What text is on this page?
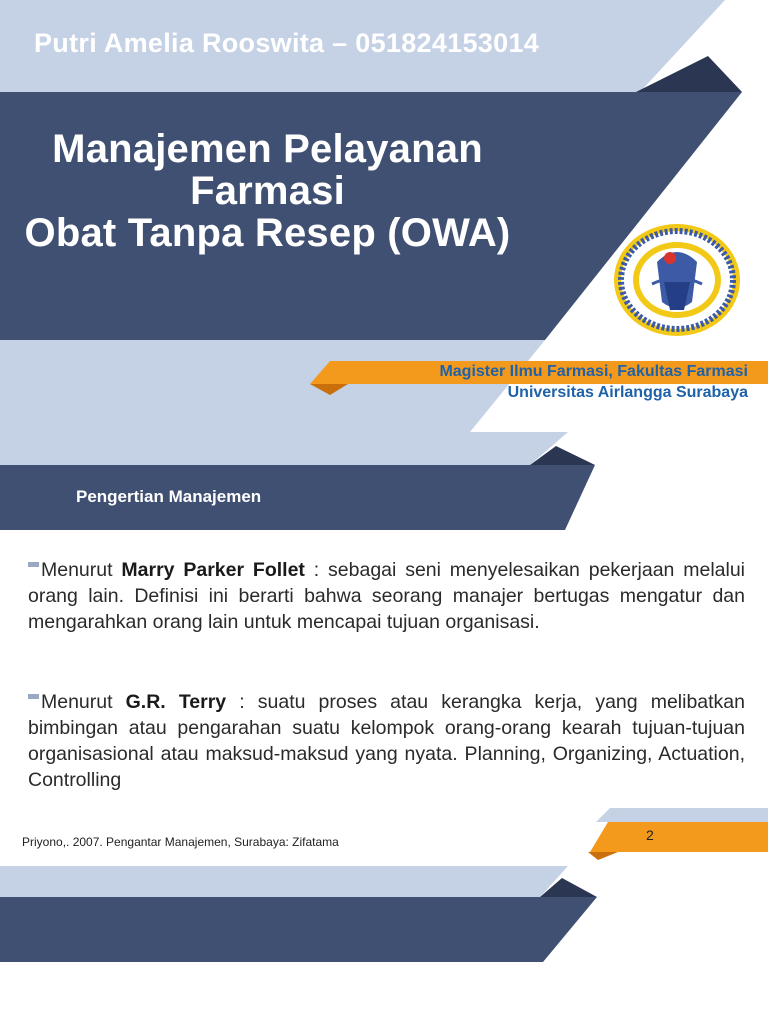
Putri Amelia Rooswita – 051824153014
Manajemen Pelayanan
Farmasi
Obat Tanpa Resep (OWA)
Magister Ilmu Farmasi, Fakultas Farmasi
Universitas Airlangga Surabaya
Pengertian Manajemen
Menurut Marry Parker Follet : sebagai seni menyelesaikan pekerjaan melalui orang lain. Definisi ini berarti bahwa seorang manajer bertugas mengatur dan mengarahkan orang lain untuk mencapai tujuan organisasi.
Menurut G.R. Terry : suatu proses atau kerangka kerja, yang melibatkan bimbingan atau pengarahan suatu kelompok orang-orang kearah tujuan-tujuan organisasional atau maksud-maksud yang nyata. Planning, Organizing, Actuation, Controlling
Priyono,. 2007. Pengantar Manajemen, Surabaya: Zifatama	2
